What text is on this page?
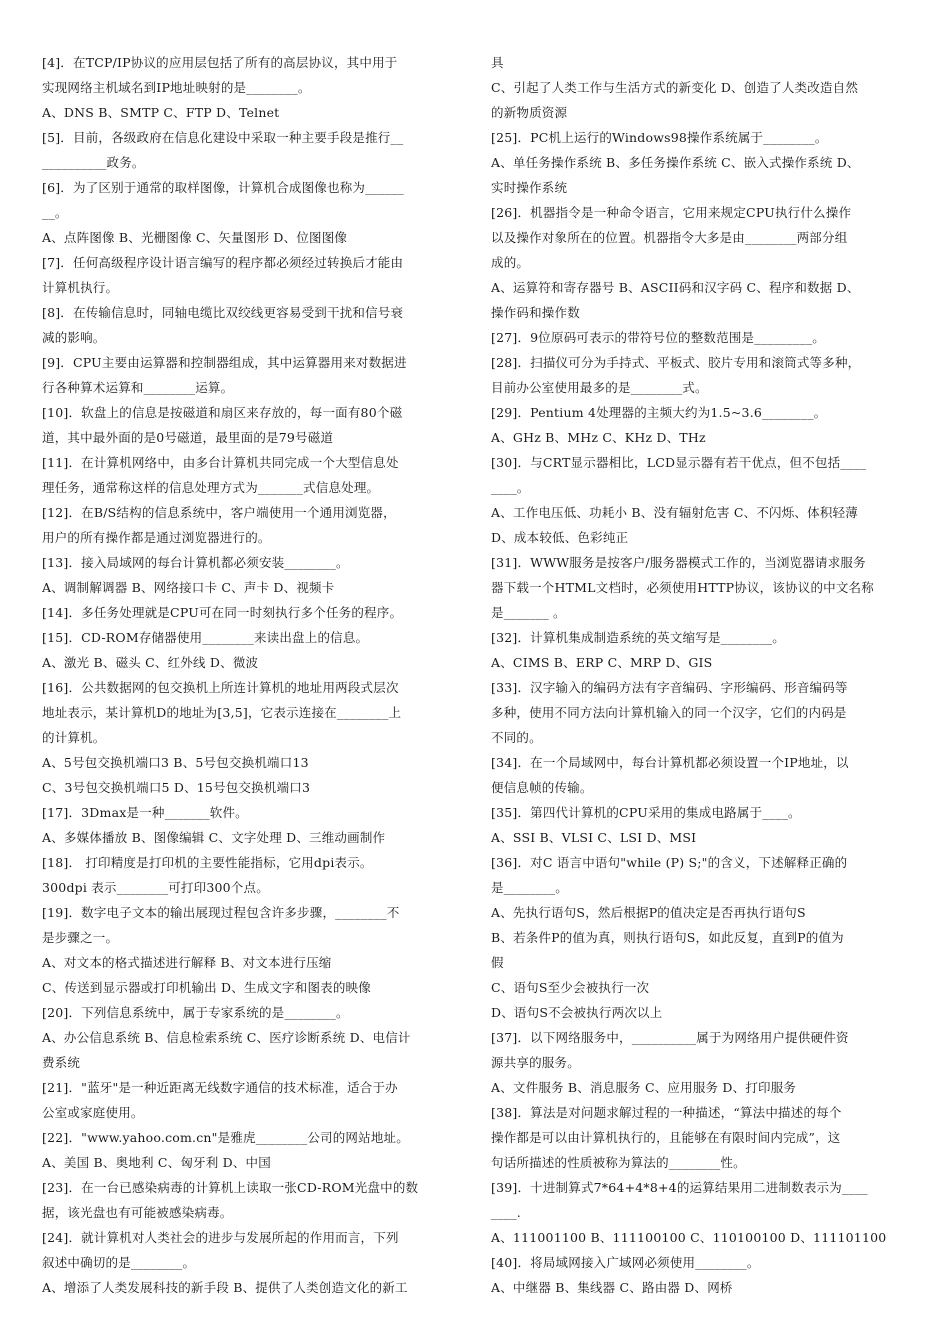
[4]．在TCP/IP协议的应用层包括了所有的高层协议，其中用于
实现网络主机域名到IP地址映射的是________。
A、DNS B、SMTP C、FTP D、Telnet
[5]．目前，各级政府在信息化建设中采取一种主要手段是推行__
__________政务。
[6]．为了区别于通常的取样图像，计算机合成图像也称为______
__。
A、点阵图像 B、光栅图像 C、矢量图形 D、位图图像
[7]．任何高级程序设计语言编写的程序都必须经过转换后才能由
计算机执行。
[8]．在传输信息时，同轴电缆比双绞线更容易受到干扰和信号衰
减的影响。
[9]．CPU主要由运算器和控制器组成，其中运算器用来对数据进
行各种算术运算和________运算。
[10]．软盘上的信息是按磁道和扇区来存放的，每一面有80个磁
道，其中最外面的是0号磁道，最里面的是79号磁道
[11]．在计算机网络中，由多台计算机共同完成一个大型信息处
理任务，通常称这样的信息处理方式为_______式信息处理。
[12]．在B/S结构的信息系统中，客户端使用一个通用浏览器，
用户的所有操作都是通过浏览器进行的。
[13]．接入局域网的每台计算机都必须安装________。
A、调制解调器 B、网络接口卡 C、声卡 D、视频卡
[14]．多任务处理就是CPU可在同一时刻执行多个任务的程序。
[15]．CD-ROM存储器使用________来读出盘上的信息。
A、激光 B、磁头 C、红外线 D、微波
[16]．公共数据网的包交换机上所连计算机的地址用两段式层次
地址表示，某计算机D的地址为[3,5]，它表示连接在________上
的计算机。
A、5号包交换机端口3 B、5号包交换机端口13
C、3号包交换机端口5 D、15号包交换机端口3
[17]．3Dmax是一种_______软件。
A、多媒体播放 B、图像编辑 C、文字处理 D、三维动画制作
[18]． 打印精度是打印机的主要性能指标，它用dpi表示。
300dpi 表示________可打印300个点。
[19]．数字电子文本的输出展现过程包含许多步骤，________不
是步骤之一。
A、对文本的格式描述进行解释 B、对文本进行压缩
C、传送到显示器或打印机输出 D、生成文字和图表的映像
[20]．下列信息系统中，属于专家系统的是________。
A、办公信息系统 B、信息检索系统 C、医疗诊断系统 D、电信计
费系统
[21]．"蓝牙"是一种近距离无线数字通信的技术标准，适合于办
公室或家庭使用。
[22]．"www.yahoo.com.cn"是雅虎________公司的网站地址。
A、美国 B、奥地利 C、匈牙利 D、中国
[23]．在一台已感染病毒的计算机上读取一张CD-ROM光盘中的数
据，该光盘也有可能被感染病毒。
[24]．就计算机对人类社会的进步与发展所起的作用而言，下列
叙述中确切的是________。
A、增添了人类发展科技的新手段 B、提供了人类创造文化的新工
具
C、引起了人类工作与生活方式的新变化 D、创造了人类改造自然
的新物质资源
[25]．PC机上运行的Windows98操作系统属于________。
A、单任务操作系统 B、多任务操作系统 C、嵌入式操作系统 D、
实时操作系统
[26]．机器指令是一种命令语言，它用来规定CPU执行什么操作
以及操作对象所在的位置。机器指令大多是由________两部分组
成的。
A、运算符和寄存器号 B、ASCII码和汉字码 C、程序和数据 D、
操作码和操作数
[27]．9位原码可表示的带符号位的整数范围是_________。
[28]．扫描仪可分为手持式、平板式、胶片专用和滚筒式等多种，
目前办公室使用最多的是________式。
[29]．Pentium 4处理器的主频大约为1.5~3.6________。
A、GHz B、MHz C、KHz D、THz
[30]．与CRT显示器相比，LCD显示器有若干优点，但不包括____
____。
A、工作电压低、功耗小 B、没有辐射危害 C、不闪烁、体积轻薄
D、成本较低、色彩纯正
[31]．WWW服务是按客户/服务器模式工作的，当浏览器请求服务
器下载一个HTML文档时，必须使用HTTP协议，该协议的中文名称
是_______ 。
[32]．计算机集成制造系统的英文缩写是________。
A、CIMS B、ERP C、MRP D、GIS
[33]．汉字输入的编码方法有字音编码、字形编码、形音编码等
多种，使用不同方法向计算机输入的同一个汉字，它们的内码是
不同的。
[34]．在一个局域网中，每台计算机都必须设置一个IP地址，以
便信息帧的传输。
[35]．第四代计算机的CPU采用的集成电路属于____。
A、SSI B、VLSI C、LSI D、MSI
[36]．对C 语言中语句"while (P) S;"的含义，下述解释正确的
是________。
A、先执行语句S，然后根据P的值决定是否再执行语句S
B、若条件P的值为真，则执行语句S，如此反复，直到P的值为
假
C、语句S至少会被执行一次
D、语句S不会被执行两次以上
[37]．以下网络服务中，__________属于为网络用户提供硬件资
源共享的服务。
A、文件服务 B、消息服务 C、应用服务 D、打印服务
[38]．算法是对问题求解过程的一种描述，“算法中描述的每个
操作都是可以由计算机执行的，且能够在有限时间内完成”，这
句话所描述的性质被称为算法的________性。
[39]．十进制算式7*64+4*8+4的运算结果用二进制数表示为____
____.
A、111001100 B、111100100 C、110100100 D、111101100
[40]．将局域网接入广域网必须使用________。
A、中继器 B、集线器 C、路由器 D、网桥
